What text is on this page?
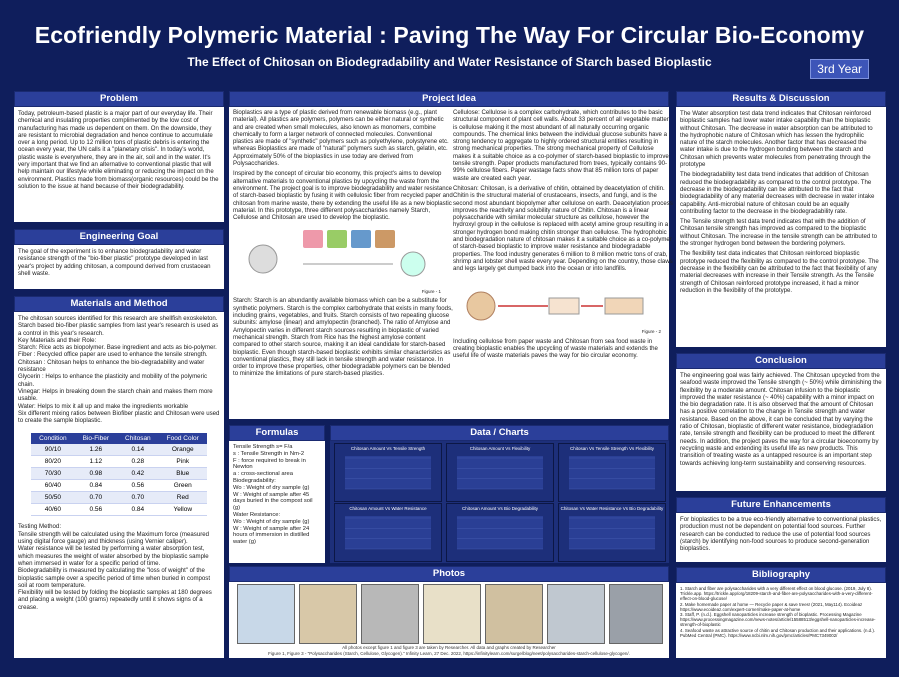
Ecofriendly Polymeric Material : Paving The Way For Circular Bio-Economy
The Effect of Chitosan on Biodegradability and Water Resistance of Starch based Bioplastic	3rd Year
Problem
Today, petroleum-based plastic is a major part of our everyday life. Their chemical and insulating properties complimented by the low cost of manufacturing has made us dependent on them. On the downside, they are resistant to microbial degradation and hence continue to accumulate over a long period. Up to 12 million tons of plastic debris is entering the ocean every year, the UN calls it a "planetary crisis". In today's world, plastic waste is everywhere, they are in the air, soil and in the water. It's very important that we find an alternative to conventional plastic that will help maintain our lifestyle while eliminating or reducing the impact on the environment. Plastics made from biomass(organic resources) could be the solution to the issue at hand because of their biodegradability.
Engineering Goal
The goal of the experiment is to enhance biodegradability and water resistance strength of the "bio-fiber plastic" prototype developed in last year's project by adding chitosan, a compound derived from crustacean shell waste.
Materials and Method
The chitosan sources identified for this research are shellfish exoskeleton.
Starch based bio-fiber plastic samples from last year's research is used as a control in this year's research.
Key Materials and their Role:
Starch: Rice acts as biopolymer. Base ingredient and acts as bio-polymer.
Fiber : Recycled office paper are used to enhance the tensile strength.
Chitosan : Chitosan helps to enhance the bio-degradability and water resistance
Glycerin : Helps to enhance the plasticity and mobility of the polymeric chain.
Vinegar: Helps in breaking down the starch chain and makes them more usable.
Water: Helps to mix it all up and make the ingredients workable
Six different mixing ratios between Biofiber plastic and Chitosan were used to create the sample bioplastic.
Condition	Bio-Fiber	Chitosan	Food Color
90/10	1.26	0.14	Orange
80/20	1.12	0.28	Pink
70/30	0.98	0.42	Blue
60/40	0.84	0.56	Green
50/50	0.70	0.70	Red
40/60	0.56	0.84	Yellow
Testing Method:
Tensile strength will be calculated using the Maximum force (measured using digital force gauge) and thickness (using Vernier caliper).
Water resistance will be tested by performing a water absorption test, which measures the weight of water absorbed by the bioplastic sample when immersed in water for a specific period of time.
Biodegradability is measured by calculating the "loss of weight" of the bioplastic sample over a specific period of time when buried in compost soil at room temperature.
Flexibility will be tested by folding the bioplastic samples at 180 degrees and placing a weight (100 grams) repeatedly until it shows signs of a crease.
Project Idea

Bioplastics are a type of plastic derived from renewable biomass (e.g., plant material). All plastics are polymers, polymers can be either natural or synthetic and are created when small molecules, also known as monomers, combine chemically to form a larger network of connected molecules. Conventional plastics are made of "synthetic" polymers such as polyethylene, polystyrene etc. whereas Bioplastics are made of "natural" polymers such as starch, gelatin, etc. Approximately 50% of the bioplastics in use today are derived from Polysaccharides.

Inspired by the concept of circular bio economy, this project's aims to develop alternative materials to conventional plastics by upcycling the waste from the environment. The project goal is to improve biodegradability and water resistance of starch-based bioplastic by fusing it with cellulosic fiber from recycled paper and chitosan from marine waste, there by extending the useful life as a new bioplastic material. In this prototype, three different polysaccharides namely Starch, Cellulose and Chitosan are used to develop the bioplastic.

Figure - 1

Starch: Starch is an abundantly available biomass which can be a substitute for synthetic polymers. Starch is the complex carbohydrate that exists in many foods, including grains, vegetables, and fruits. Starch consists of two repeating glucose subunits: amylose (linear) and amylopectin (branched). The ratio of Amylose and Amylopectin varies in different starch sources resulting in bioplastic of varied mechanical strength. Starch from Rice has the highest amylose content compared to other starch source, making it an ideal candidate for starch-based bioplastic. Even though starch-based bioplastic exhibits similar characteristics as conventional plastics, they still lack in tensile strength and water resistance. In order to improve these properties, other biodegradable polymers can be blended to minimize the limitations of pure starch-based plastics.

Cellulose: Cellulose is a complex carbohydrate, which contributes to the basic structural component of plant cell walls. About 33 percent of all vegetable matter is cellulose making it the most abundant of all naturally occurring organic compounds. The chemical links between the individual glucose subunits have a strong tendency to aggregate to highly ordered structural entities resulting in strong mechanical properties. The strong mechanical property of Cellulose makes it a suitable choice as a co-polymer of starch-based bioplastic to improve tensile strength. Paper products manufactured from trees, typically contains 90-99% cellulose fibers. Paper wastage facts show that 85 million tons of paper waste are created each year.

Chitosan: Chitosan, is a derivative of chitin, obtained by deacetylation of chitin. Chitin is the structural material of crustaceans, insects, and fungi, and is the second most abundant biopolymer after cellulose on earth. Deacetylation process improves the reactivity and solubility nature of Chitin. Chitosan is a linear polysaccharide with similar molecular structure as cellulose, however the hydroxyl group in the cellulose is replaced with acetyl amine group resulting in a stronger hydrogen bond making chitin stronger than cellulose. The hydrophobic and biodegradation nature of chitosan makes it a suitable choice as a co-polymer of starch-based bioplastic to improve water resistance and biodegradable properties. The food industry generates 6 million to 8 million metric tons of crab, shrimp and lobster shell waste every year. Depending on the country, those claws and legs largely get dumped back into the ocean or into landfills.

Figure - 2

Including cellulose from paper waste and Chitosan from sea food waste in creating bioplastic enables the upcycling of waste materials and extends the useful life of waste materials paves the way for bio circular economy.

Formulas
Tensile Strength s= F/a
s : Tensile Strength in Nm-2
F : force required to break in Newton
a : cross-sectional area
Biodegradability:
Wo : Weight of dry sample (g)
W : Weight of sample after 45 days buried in the compost soil (g)
Water Resistance:
Wo : Weight of dry sample (g)
W : Weight of sample after 24 hours of immersion in distilled water (g)
Data / Charts
Chitosan Amount Vs Tensile Strength	Chitosan Amount Vs Flexibility	Chitosan Vs Tensile Strength Vs Flexibility
Chitosan Amount Vs Water Resistance	Chitosan Amount Vs Bio Degradability	Chitosan Vs Water Resistance Vs Bio Degradability
Photos
All photos except figure 1 and figure 3 are taken by Researcher. All data and graphs created by Researcher
Figure 1, Figure 3 - "Polysaccharides (Starch, Cellulose, Glycogen)." Infinity Learn, 27 Dec. 2022, https://infinitylearn.com/surge/blog/neet/polysaccharides-starch-cellulose-glycogen/.
Results & Discussion

The Water absorption test data trend indicates that Chitosan reinforced bioplastic samples had lower water intake capability than the bioplastic without Chitosan. The decrease in water absorption can be attributed to the hydrophobic nature of Chitosan which has lessen the hydrophilic nature of the starch molecules. Another factor that has decreased the water intake is due to the hydrogen bonding between the starch and Chitosan which prevents water molecules from penetrating through the prototype

The biodegradability test data trend indicates that addition of Chitosan reduced the biodegradability as compared to the control prototype. The decrease in the biodegradability can be attributed to the fact that biodegradability of any material decreases with decrease in water intake capability. Anti-microbial nature of chitosan could be an equally contributing factor to the decrease in the biodegradability rate.

The Tensile strength test data trend indicates that with the addition of Chitosan tensile strength has improved as compared to the bioplastic without Chitosan. The increase in the tensile strength can be attributed to the stronger hydrogen bond between the bordering polymers.

The flexibility test data indicates that Chitosan reinforced bioplastic prototype reduced the flexibility as compared to the control prototype. The decrease in the flexibility can be attributed to the fact that flexibility of any material decreases with increase in their Tensile strength. As the Tensile strength of Chitosan reinforced prototype increased, it had a minor reduction in the flexibility of the prototype.

Conclusion
The engineering goal was fairly achieved. The Chitosan upcycled from the seafood waste improved the Tensile strength (~ 50%) while diminishing the flexibility by a moderate amount. Chitosan infusion to the bioplastic improved the water resistance (~ 40%) capability with a minor impact on the bio degradation rate. It is also observed that the amount of Chitosan has a positive correlation to the change in Tensile strength and water resistance. Based on the above, it can be concluded that by varying the ratio of Chitosan, bioplastic of different water resistance, biodegradation rate, tensile strength and flexibility can be produced to meet the different needs. In addition, the project paves the way for a circular bioeconomy by recycling waste and extending its useful life as new products. This transition of treating waste as a untapped resource is an important step towards achieving long-term sustainability and conserving resources.
Future Enhancements
For bioplastics to be a true eco-friendly alternative to conventional plastics, production must not be dependent on potential food sources. Further research can be conducted to reduce the use of potential food sources (starch) by identifying non-food sources to produce second-generation bioplastics.
Bibliography
1. Starch and fiber are polysaccharides with a very different effect on blood glucose. (2019, July 8). Trickle.app. https://trickle.app/org/18209-starch-and-fiber-are-polysaccharides-with-a-very-different-effect-on-blood-glucose/
2. Make homemade paper at home — Recycle paper & save trees! (2021, May114). Ecoideaz https://www.ecoideaz.com/expert-corner/make-paper-at-home
3. Staff, P. (n.d.). Eggshell nanoparticles increase strength of bioplastic. Processing Magazine https://www.processingmagazine.com/news-notes/article/15588513/eggshell-nanoparticles-increase-strength-of-bioplastic
4. Seafood waste as attractive source of chitin and Chitosan production and their applications. (n.d.). PubMed Central (PMC). https://www.ncbi.nlm.nih.gov/pmc/articles/PMC7349002/
